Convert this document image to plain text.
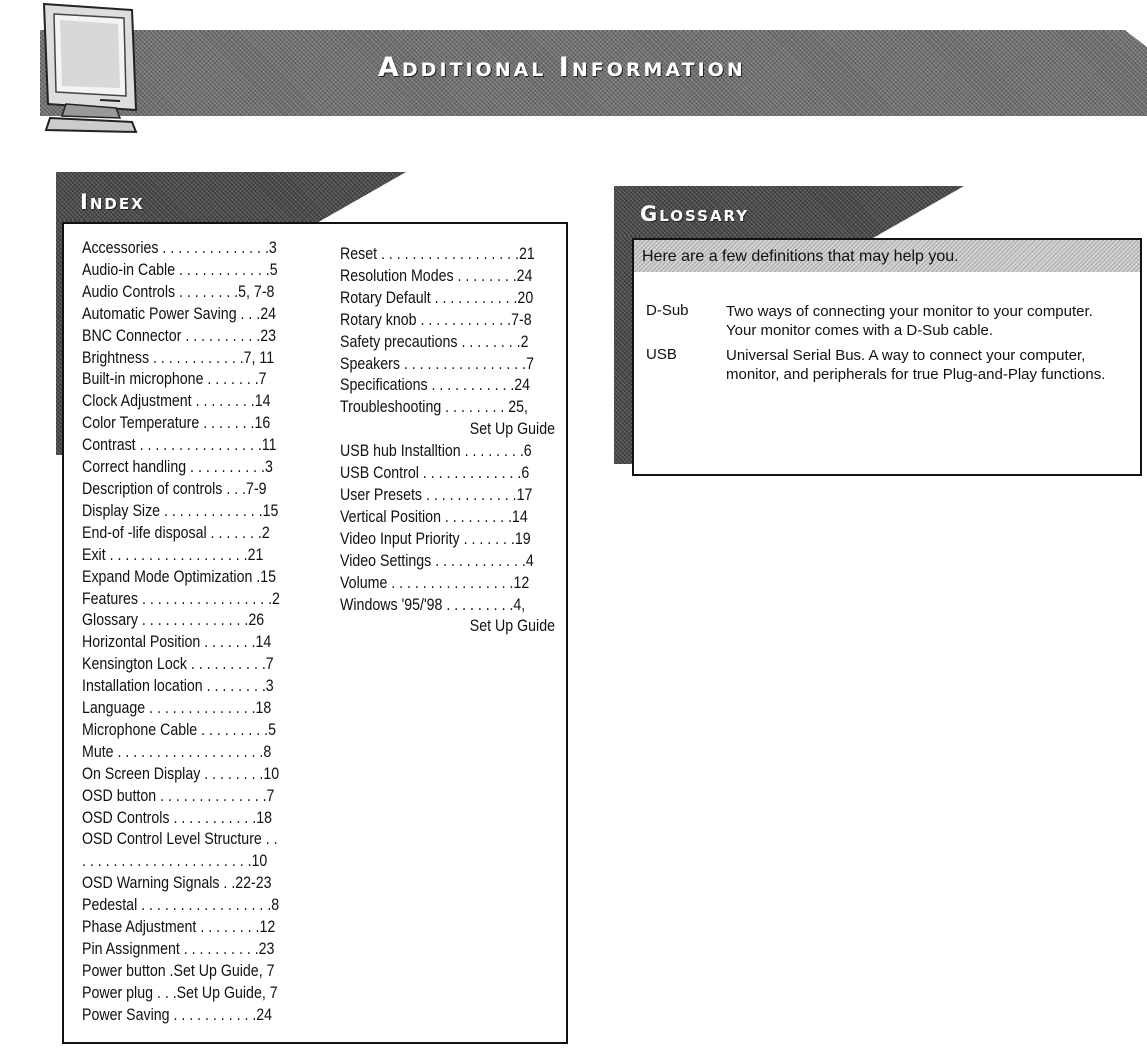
Additional Information
Index
Accessories . . . . . . . . . . . . . .3
Audio-in Cable . . . . . . . . . . . .5
Audio Controls . . . . . . . .5, 7-8
Automatic Power Saving . . .24
BNC Connector . . . . . . . . . .23
Brightness . . . . . . . . . . . .7, 11
Built-in microphone . . . . . . .7
Clock Adjustment . . . . . . . .14
Color Temperature . . . . . . .16
Contrast . . . . . . . . . . . . . . . .11
Correct handling . . . . . . . . . .3
Description of controls . . .7-9
Display Size . . . . . . . . . . . . .15
End-of -life disposal . . . . . . .2
Exit . . . . . . . . . . . . . . . . . .21
Expand Mode Optimization .15
Features . . . . . . . . . . . . . . . . .2
Glossary . . . . . . . . . . . . . .26
Horizontal Position . . . . . . .14
Kensington Lock . . . . . . . . . .7
Installation location . . . . . . . .3
Language . . . . . . . . . . . . . .18
Microphone Cable . . . . . . . . .5
Mute . . . . . . . . . . . . . . . . . . .8
On Screen Display . . . . . . . .10
OSD button . . . . . . . . . . . . . .7
OSD Controls . . . . . . . . . . .18
OSD Control Level Structure . .
. . . . . . . . . . . . . . . . . . . . . .10
OSD Warning Signals . .22-23
Pedestal . . . . . . . . . . . . . . . . .8
Phase Adjustment . . . . . . . .12
Pin Assignment . . . . . . . . . .23
Power button .Set Up Guide, 7
Power plug . . .Set Up Guide, 7
Power Saving . . . . . . . . . . .24
Reset . . . . . . . . . . . . . . . . . .21
Resolution Modes . . . . . . . .24
Rotary Default . . . . . . . . . . .20
Rotary knob . . . . . . . . . . . .7-8
Safety precautions . . . . . . . .2
Speakers . . . . . . . . . . . . . . . .7
Specifications . . . . . . . . . . .24
Troubleshooting . . . . . . . . 25,
Set Up Guide
USB hub Installtion . . . . . . . .6
USB Control . . . . . . . . . . . . .6
User Presets . . . . . . . . . . . .17
Vertical Position . . . . . . . . .14
Video Input Priority . . . . . . .19
Video Settings . . . . . . . . . . . .4
Volume . . . . . . . . . . . . . . . .12
Windows '95/'98 . . . . . . . . .4,
Set Up Guide
Glossary
Here are a few definitions that may help you.
D-Sub Two ways of connecting your monitor to your computer. Your monitor comes with a D-Sub cable.
USB	Universal Serial Bus. A way to connect your computer, monitor, and peripherals for true Plug-and-Play functions.
